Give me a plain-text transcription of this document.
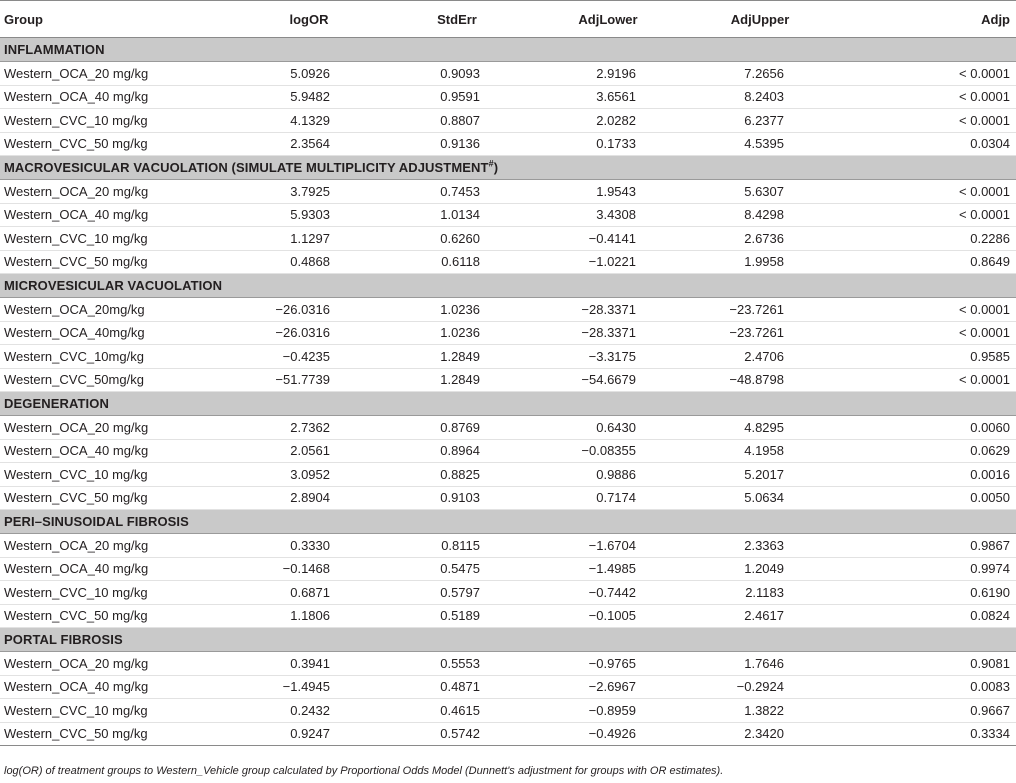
Group	logOR	StdErr	AdjLower	AdjUpper	Adjp
INFLAMMATION					
Western_OCA_20 mg/kg	5.0926	0.9093	2.9196	7.2656	< 0.0001
Western_OCA_40 mg/kg	5.9482	0.9591	3.6561	8.2403	< 0.0001
Western_CVC_10 mg/kg	4.1329	0.8807	2.0282	6.2377	< 0.0001
Western_CVC_50 mg/kg	2.3564	0.9136	0.1733	4.5395	0.0304
MACROVESICULAR VACUOLATION (SIMULATE MULTIPLICITY ADJUSTMENT#)					
Western_OCA_20 mg/kg	3.7925	0.7453	1.9543	5.6307	< 0.0001
Western_OCA_40 mg/kg	5.9303	1.0134	3.4308	8.4298	< 0.0001
Western_CVC_10 mg/kg	1.1297	0.6260	−0.4141	2.6736	0.2286
Western_CVC_50 mg/kg	0.4868	0.6118	−1.0221	1.9958	0.8649
MICROVESICULAR VACUOLATION					
Western_OCA_20mg/kg	−26.0316	1.0236	−28.3371	−23.7261	< 0.0001
Western_OCA_40mg/kg	−26.0316	1.0236	−28.3371	−23.7261	< 0.0001
Western_CVC_10mg/kg	−0.4235	1.2849	−3.3175	2.4706	0.9585
Western_CVC_50mg/kg	−51.7739	1.2849	−54.6679	−48.8798	< 0.0001
DEGENERATION					
Western_OCA_20 mg/kg	2.7362	0.8769	0.6430	4.8295	0.0060
Western_OCA_40 mg/kg	2.0561	0.8964	−0.08355	4.1958	0.0629
Western_CVC_10 mg/kg	3.0952	0.8825	0.9886	5.2017	0.0016
Western_CVC_50 mg/kg	2.8904	0.9103	0.7174	5.0634	0.0050
PERI–SINUSOIDAL FIBROSIS					
Western_OCA_20 mg/kg	0.3330	0.8115	−1.6704	2.3363	0.9867
Western_OCA_40 mg/kg	−0.1468	0.5475	−1.4985	1.2049	0.9974
Western_CVC_10 mg/kg	0.6871	0.5797	−0.7442	2.1183	0.6190
Western_CVC_50 mg/kg	1.1806	0.5189	−0.1005	2.4617	0.0824
PORTAL FIBROSIS					
Western_OCA_20 mg/kg	0.3941	0.5553	−0.9765	1.7646	0.9081
Western_OCA_40 mg/kg	−1.4945	0.4871	−2.6967	−0.2924	0.0083
Western_CVC_10 mg/kg	0.2432	0.4615	−0.8959	1.3822	0.9667
Western_CVC_50 mg/kg	0.9247	0.5742	−0.4926	2.3420	0.3334
log(OR) of treatment groups to Western_Vehicle group calculated by Proportional Odds Model (Dunnett's adjustment for groups with OR estimates).
